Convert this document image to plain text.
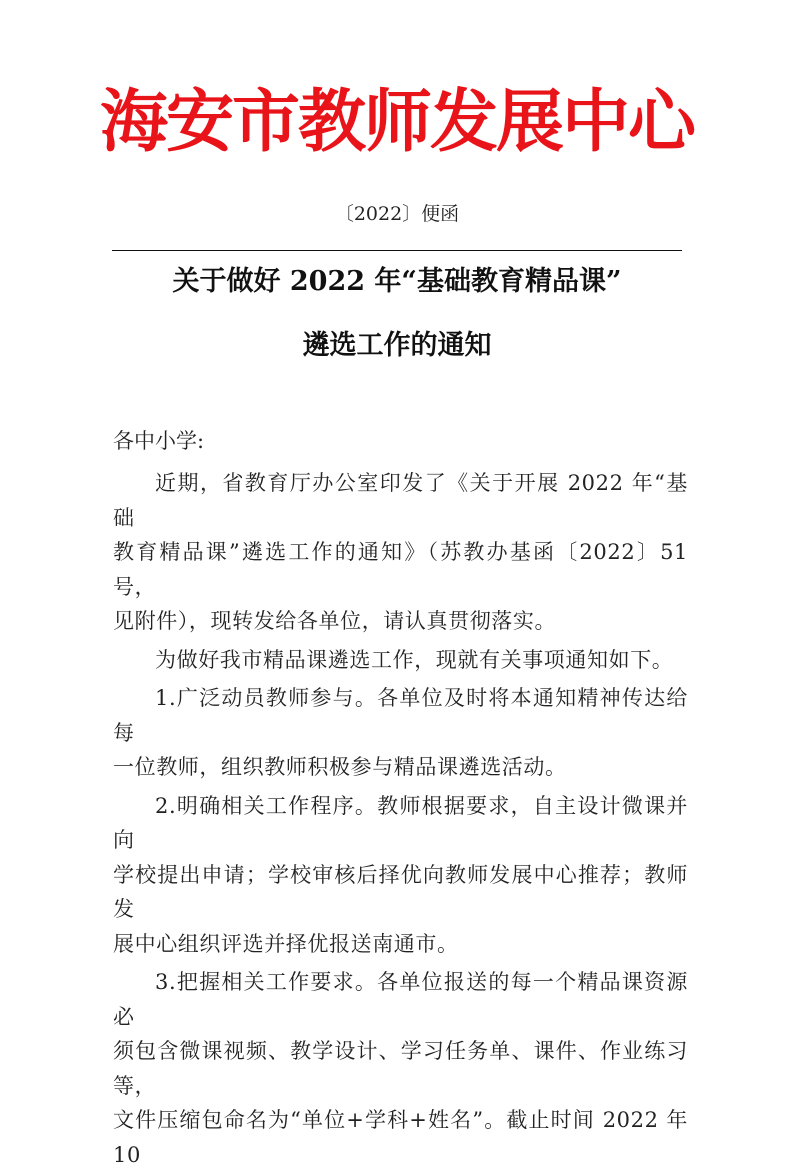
海安市教师发展中心
〔2022〕便函
关于做好 2022 年“基础教育精品课”
遴选工作的通知
各中小学:

近期，省教育厅办公室印发了《关于开展 2022 年“基础
教育精品课”遴选工作的通知》（苏教办基函〔2022〕51 号，
见附件），现转发给各单位，请认真贯彻落实。

为做好我市精品课遴选工作，现就有关事项通知如下。

1.广泛动员教师参与。各单位及时将本通知精神传达给每
一位教师，组织教师积极参与精品课遴选活动。

2.明确相关工作程序。教师根据要求，自主设计微课并向
学校提出申请；学校审核后择优向教师发展中心推荐；教师发
展中心组织评选并择优报送南通市。

3.把握相关工作要求。各单位报送的每一个精品课资源必
须包含微课视频、教学设计、学习任务单、课件、作业练习等，
文件压缩包命名为“单位+学科+姓名”。截止时间 2022 年 10
